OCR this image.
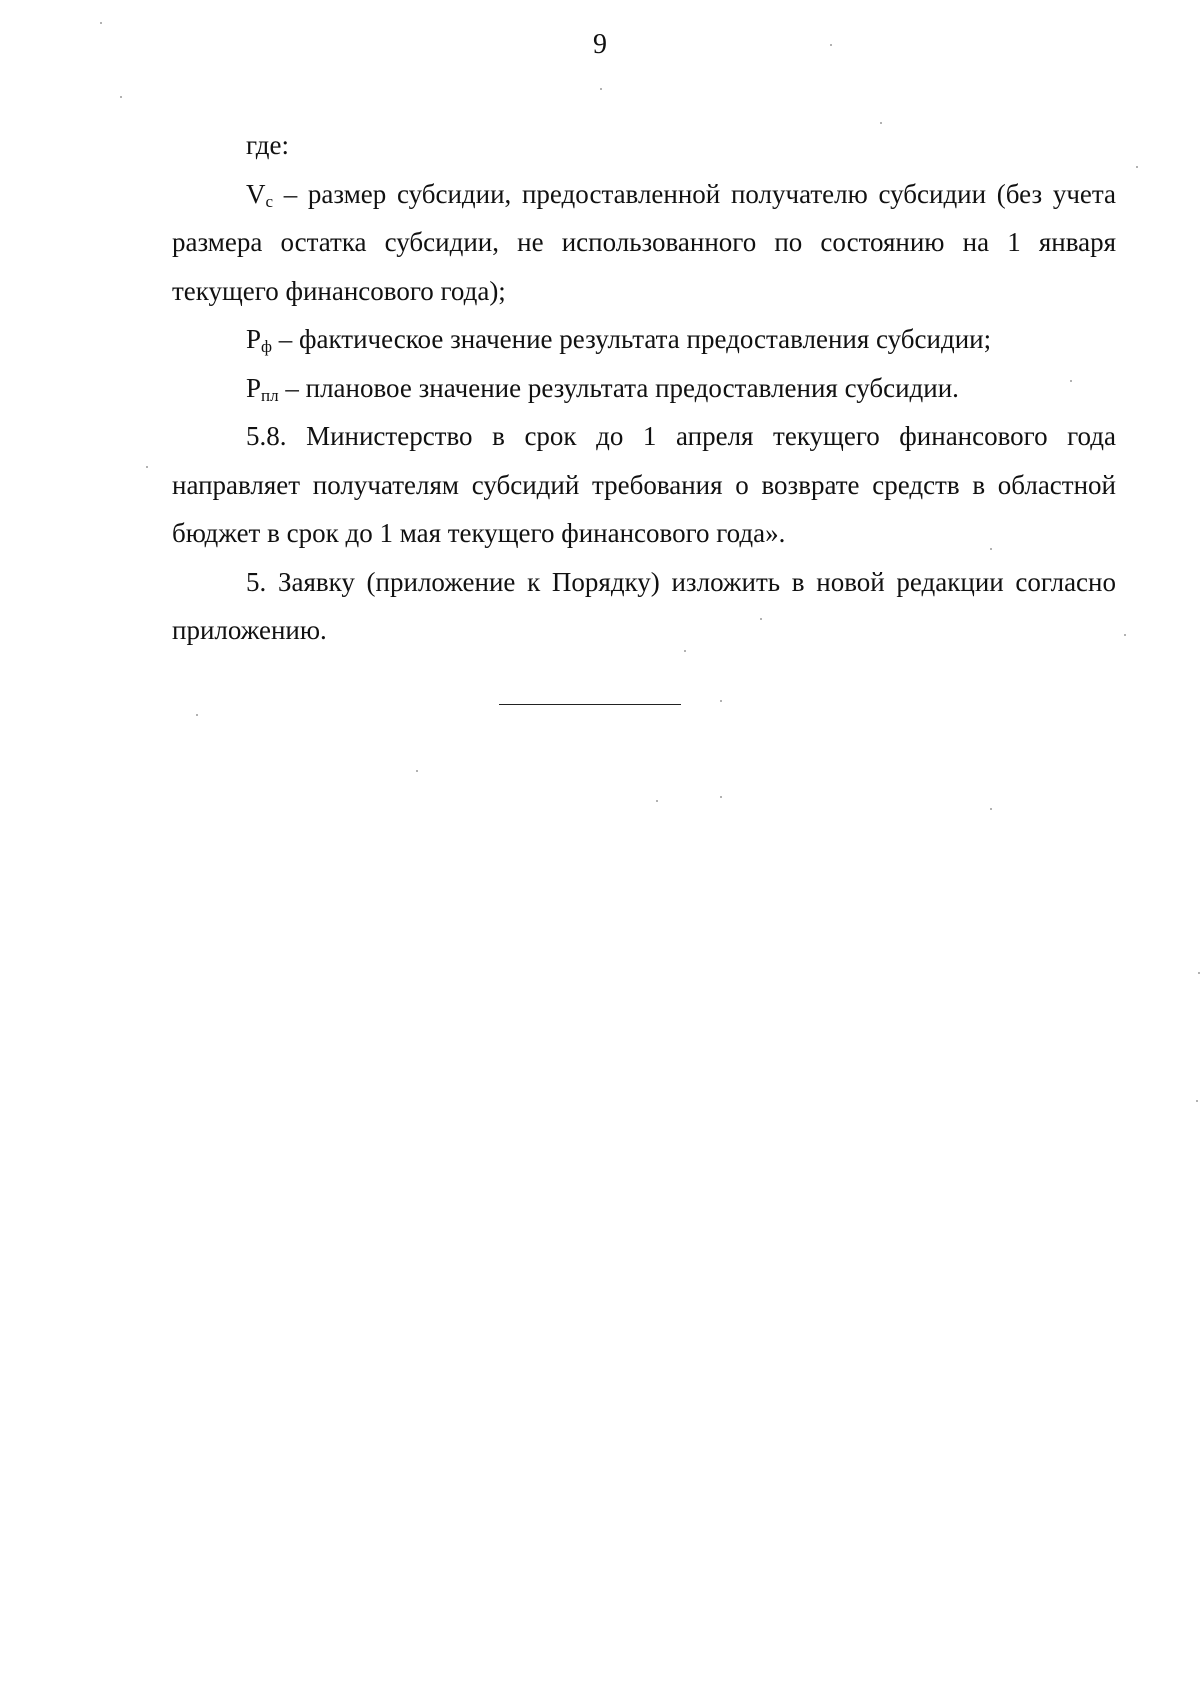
9

где:

$V_с$ – размер субсидии, предоставленной получателю субсидии (без учета размера остатка субсидии, не использованного по состоянию на 1 января текущего финансового года);

$Р_ф$ – фактическое значение результата предоставления субсидии;

$Р_{пл}$ – плановое значение результата предоставления субсидии.

5.8. Министерство в срок до 1 апреля текущего финансового года направляет получателям субсидий требования о возврате средств в областной бюджет в срок до 1 мая текущего финансового года».

5. Заявку (приложение к Порядку) изложить в новой редакции согласно приложению.
